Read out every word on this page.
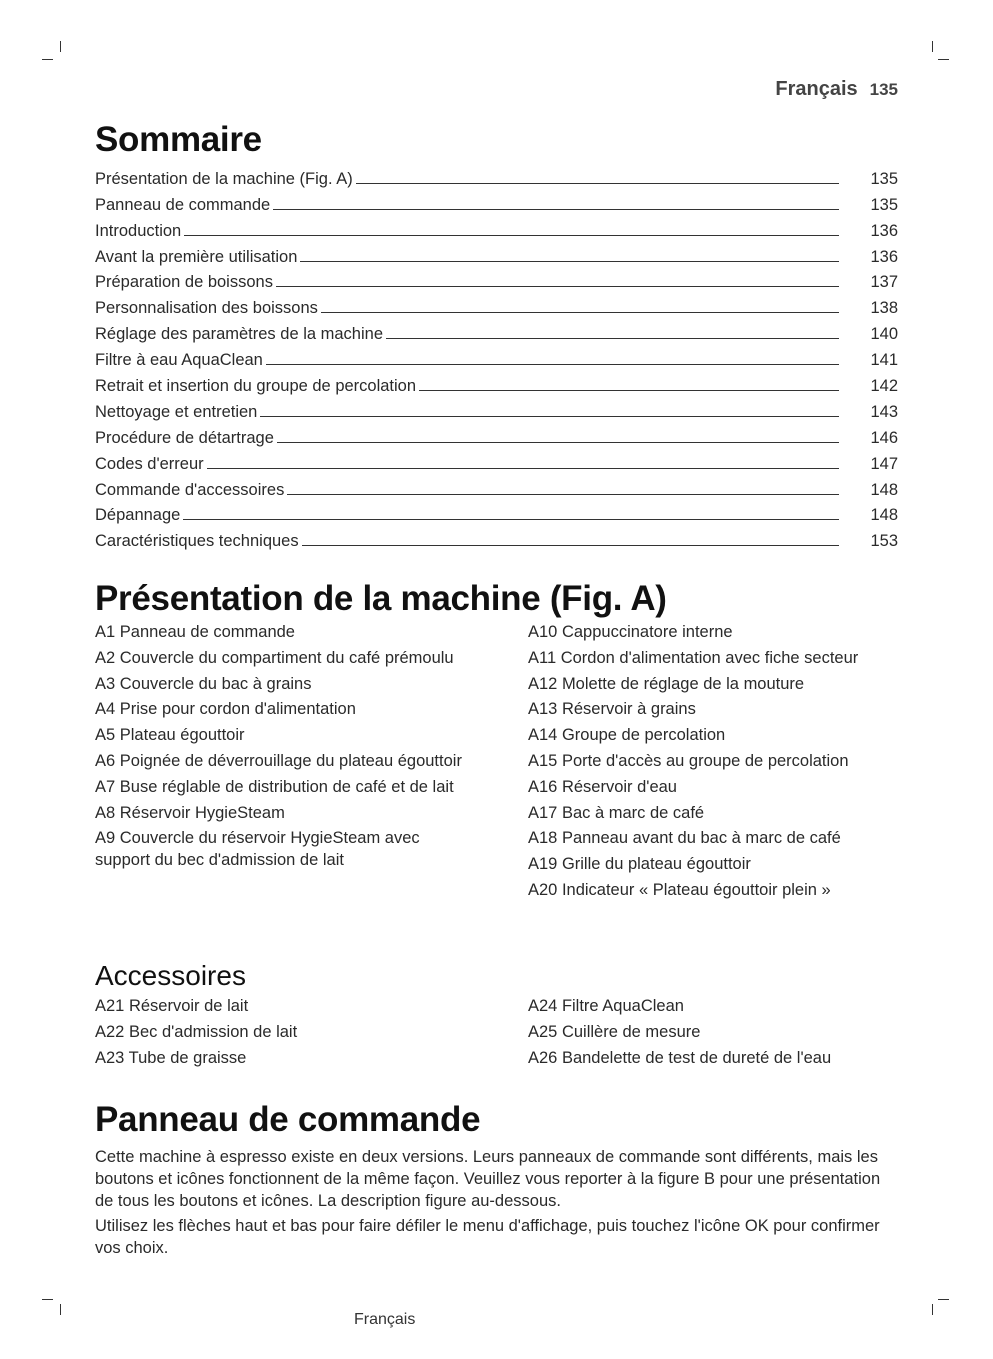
Français 135
Sommaire
Présentation de la machine (Fig. A)	135
Panneau de commande	135
Introduction	136
Avant la première utilisation	136
Préparation de boissons	137
Personnalisation des boissons	138
Réglage des paramètres de la machine	140
Filtre à eau AquaClean	141
Retrait et insertion du groupe de percolation	142
Nettoyage et entretien	143
Procédure de détartrage	146
Codes d'erreur	147
Commande d'accessoires	148
Dépannage	148
Caractéristiques techniques	153
Présentation de la machine (Fig. A)
A1 Panneau de commande
A2 Couvercle du compartiment du café prémoulu
A3 Couvercle du bac à grains
A4 Prise pour cordon d'alimentation
A5 Plateau égouttoir
A6 Poignée de déverrouillage du plateau égouttoir
A7 Buse réglable de distribution de café et de lait
A8 Réservoir HygieSteam
A9 Couvercle du réservoir HygieSteam avec support du bec d'admission de lait
A10 Cappuccinatore interne
A11 Cordon d'alimentation avec fiche secteur
A12 Molette de réglage de la mouture
A13 Réservoir à grains
A14 Groupe de percolation
A15 Porte d'accès au groupe de percolation
A16 Réservoir d'eau
A17 Bac à marc de café
A18 Panneau avant du bac à marc de café
A19 Grille du plateau égouttoir
A20 Indicateur « Plateau égouttoir plein »
Accessoires
A21 Réservoir de lait
A22 Bec d'admission de lait
A23 Tube de graisse
A24 Filtre AquaClean
A25 Cuillère de mesure
A26 Bandelette de test de dureté de l'eau
Panneau de commande

Cette machine à espresso existe en deux versions. Leurs panneaux de commande sont différents, mais les boutons et icônes fonctionnent de la même façon. Veuillez vous reporter à la figure B pour une présentation de tous les boutons et icônes. La description figure au-dessous.

Utilisez les flèches haut et bas pour faire défiler le menu d'affichage, puis touchez l'icône OK pour confirmer vos choix.

Français
